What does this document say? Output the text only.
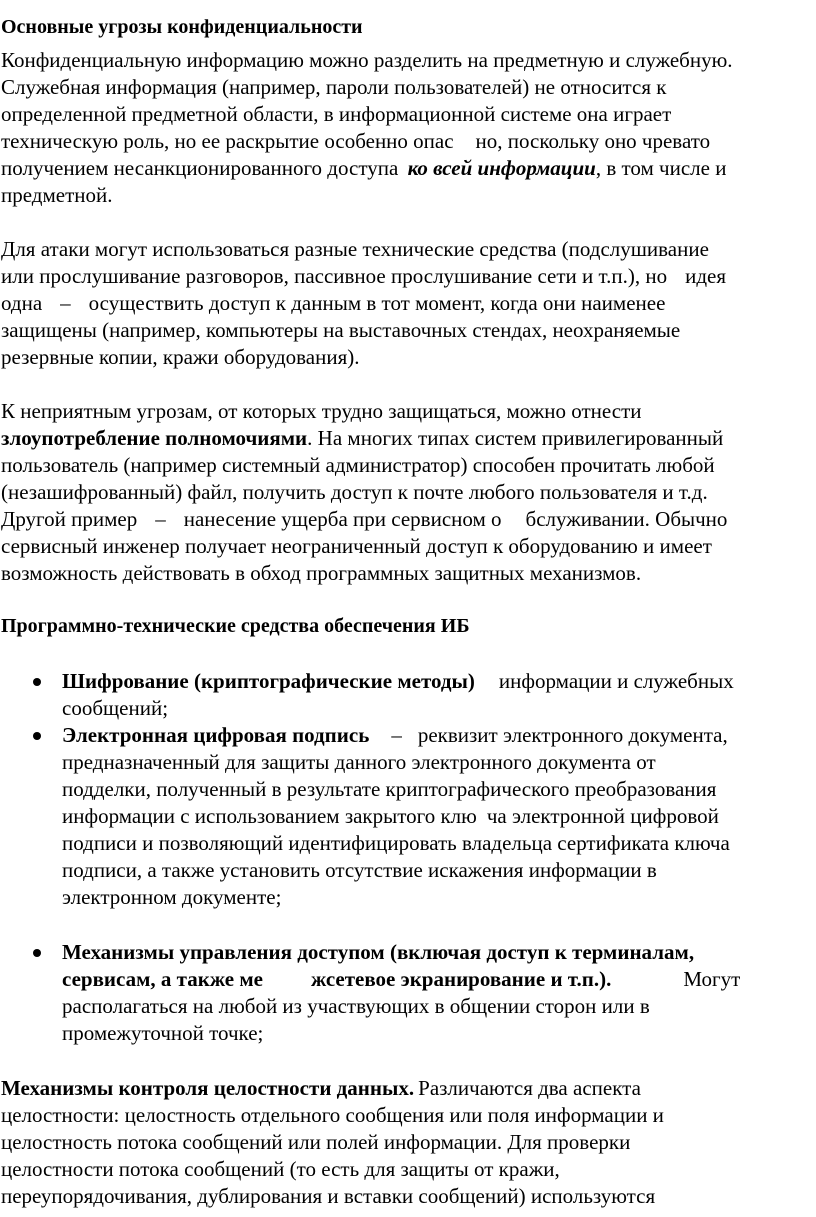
Основные угрозы конфиденциальности
Конфиденциальную информацию можно разделить на предметную и служебную.
Служебная информация (например, пароли пользователей) не относится к
определенной предметной области, в информационной системе она играет
техническую роль, но ее раскрытие особенно опас но, поскольку оно чревато
получением несанкционированного доступа ко всей информации, в том числе и
предметной.
Для атаки могут использоваться разные технические средства (подслушивание
или прослушивание разговоров, пассивное прослушивание сети и т.п.), но идея
одна – осуществить доступ к данным в тот момент, когда они наименее
защищены (например, компьютеры на выставочных стендах, неохраняемые
резервные копии, кражи оборудования).
К неприятным угрозам, от которых трудно защищаться, можно отнести
злоупотребление полномочиями. На многих типах систем привилегированный
пользователь (например системный администратор) способен прочитать любой
(незашифрованный) файл, получить доступ к почте любого пользователя и т.д.
Другой пример – нанесение ущерба при сервисном о бслуживании. Обычно
сервисный инженер получает неограниченный доступ к оборудованию и имеет
возможность действовать в обход программных защитных механизмов.
Программно-технические средства обеспечения ИБ
Шифрование (криптографические методы) информации и служебных
сообщений;
Электронная цифровая подпись – реквизит электронного документа,
предназначенный для защиты данного электронного документа от
подделки, полученный в результате криптографического преобразования
информации с использованием закрытого клю ча электронной цифровой
подписи и позволяющий идентифицировать владельца сертификата ключа
подписи, а также установить отсутствие искажения информации в
электронном документе;
Механизмы управления доступом (включая доступ к терминалам,
сервисам, а также ме жсетевое экранирование и т.п.).	Могут
располагаться на любой из участвующих в общении сторон или в
промежуточной точке;
Механизмы контроля целостности данных. Различаются два аспекта
целостности: целостность отдельного сообщения или поля информации и
целостность потока сообщений или полей информации. Для проверки
целостности потока сообщений (то есть для защиты от кражи,
переупорядочивания, дублирования и вставки сообщений) используются
